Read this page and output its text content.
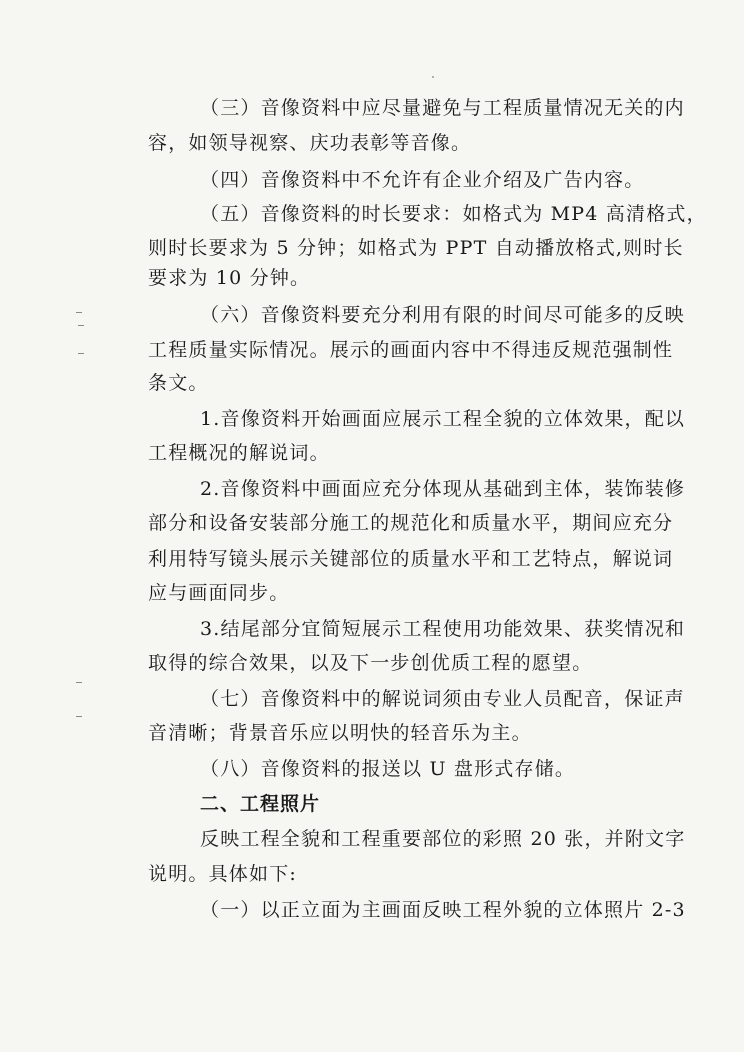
（三）音像资料中应尽量避免与工程质量情况无关的内
容，如领导视察、庆功表彰等音像。
（四）音像资料中不允许有企业介绍及广告内容。
（五）音像资料的时长要求：如格式为 MP4 高清格式，
则时长要求为 5 分钟；如格式为 PPT 自动播放格式,则时长
要求为 10 分钟。
（六）音像资料要充分利用有限的时间尽可能多的反映
工程质量实际情况。展示的画面内容中不得违反规范强制性
条文。
1.音像资料开始画面应展示工程全貌的立体效果，配以
工程概况的解说词。
2.音像资料中画面应充分体现从基础到主体，装饰装修
部分和设备安装部分施工的规范化和质量水平，期间应充分
利用特写镜头展示关键部位的质量水平和工艺特点，解说词
应与画面同步。
3.结尾部分宜简短展示工程使用功能效果、获奖情况和
取得的综合效果，以及下一步创优质工程的愿望。
（七）音像资料中的解说词须由专业人员配音，保证声
音清晰；背景音乐应以明快的轻音乐为主。
（八）音像资料的报送以 U 盘形式存储。
二、工程照片
反映工程全貌和工程重要部位的彩照 20 张，并附文字
说明。具体如下:
（一）以正立面为主画面反映工程外貌的立体照片 2-3
